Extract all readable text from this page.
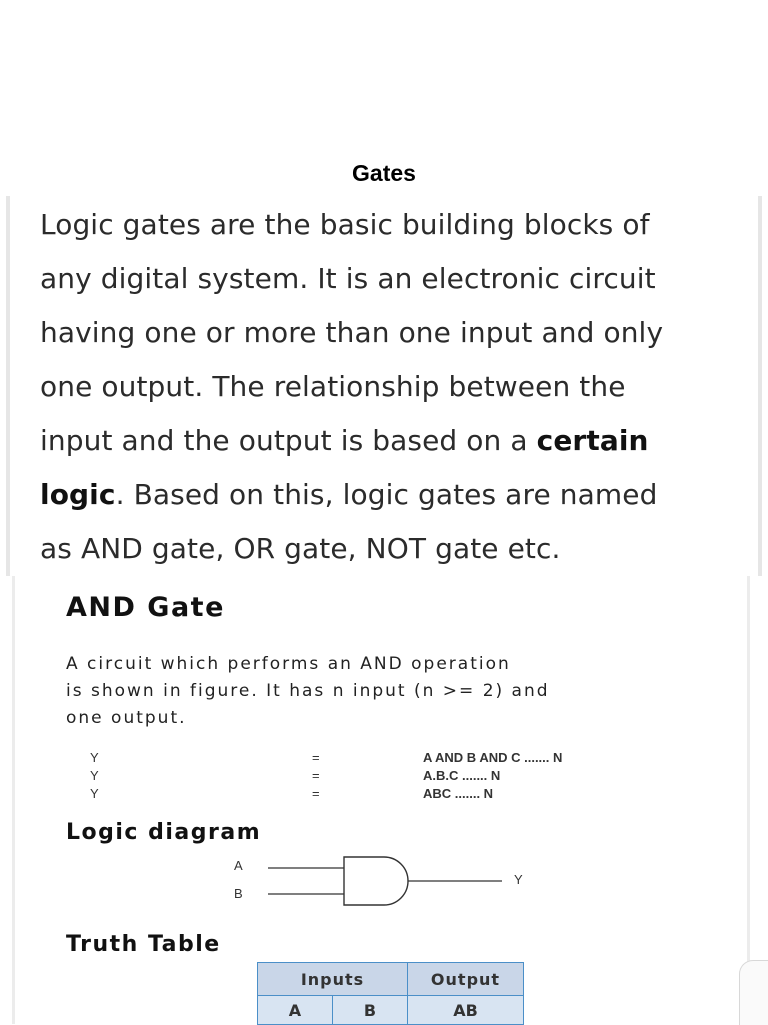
Gates
Logic gates are the basic building blocks of
any digital system. It is an electronic circuit
having one or more than one input and only
one output. The relationship between the
input and the output is based on a certain
logic. Based on this, logic gates are named
as AND gate, OR gate, NOT gate etc.
AND Gate
A circuit which performs an AND operation
is shown in figure. It has n input (n >= 2) and
one output.
Y	=	A AND B AND C ....... N
Y	=	A.B.C ....... N
Y	=	ABC ....... N
Logic diagram
A
B
Y
Truth Table
Inputs		Output
A	B	AB
